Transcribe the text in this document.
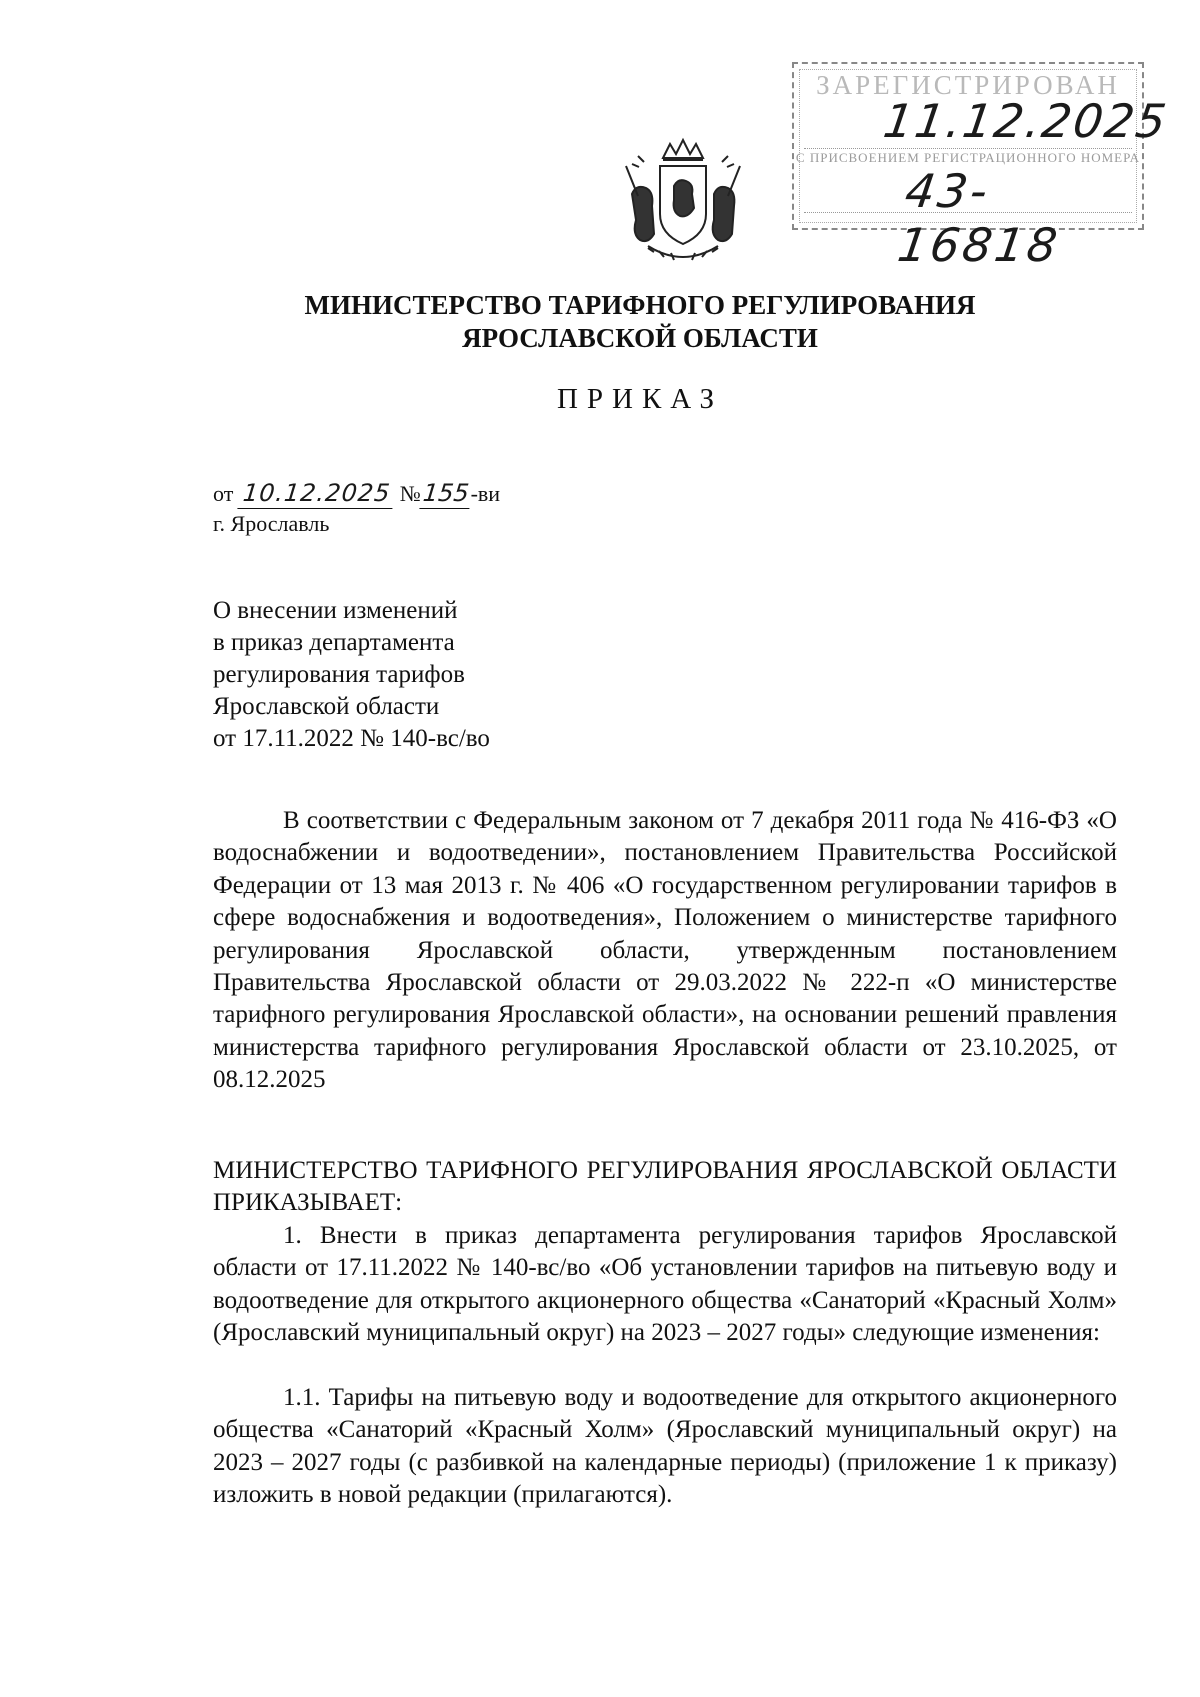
ЗАРЕГИСТРИРОВАН
11.12.2025
С ПРИСВОЕНИЕМ РЕГИСТРАЦИОННОГО НОМЕРА
43-16818
МИНИСТЕРСТВО ТАРИФНОГО РЕГУЛИРОВАНИЯ
ЯРОСЛАВСКОЙ ОБЛАСТИ
ПРИКАЗ
от 10.12.2025 №155-ви
г. Ярославль

О внесении изменений
в приказ департамента
регулирования тарифов
Ярославской области
от 17.11.2022 № 140-вс/во

В соответствии с Федеральным законом от 7 декабря 2011 года № 416-ФЗ «О водоснабжении и водоотведении», постановлением Правительства Российской Федерации от 13 мая 2013 г. № 406 «О государственном регулировании тарифов в сфере водоснабжения и водоотведения», Положением о министерстве тарифного регулирования Ярославской области, утвержденным постановлением Правительства Ярославской области от 29.03.2022 № 222-п «О министерстве тарифного регулирования Ярославской области», на основании решений правления министерства тарифного регулирования Ярославской области от 23.10.2025, от 08.12.2025

МИНИСТЕРСТВО ТАРИФНОГО РЕГУЛИРОВАНИЯ ЯРОСЛАВСКОЙ ОБЛАСТИ ПРИКАЗЫВАЕТ:

1. Внести в приказ департамента регулирования тарифов Ярославской области от 17.11.2022 № 140-вс/во «Об установлении тарифов на питьевую воду и водоотведение для открытого акционерного общества «Санаторий «Красный Холм» (Ярославский муниципальный округ) на 2023 – 2027 годы» следующие изменения:

1.1. Тарифы на питьевую воду и водоотведение для открытого акционерного общества «Санаторий «Красный Холм» (Ярославский муниципальный округ) на 2023 – 2027 годы (с разбивкой на календарные периоды) (приложение 1 к приказу) изложить в новой редакции (прилагаются).
